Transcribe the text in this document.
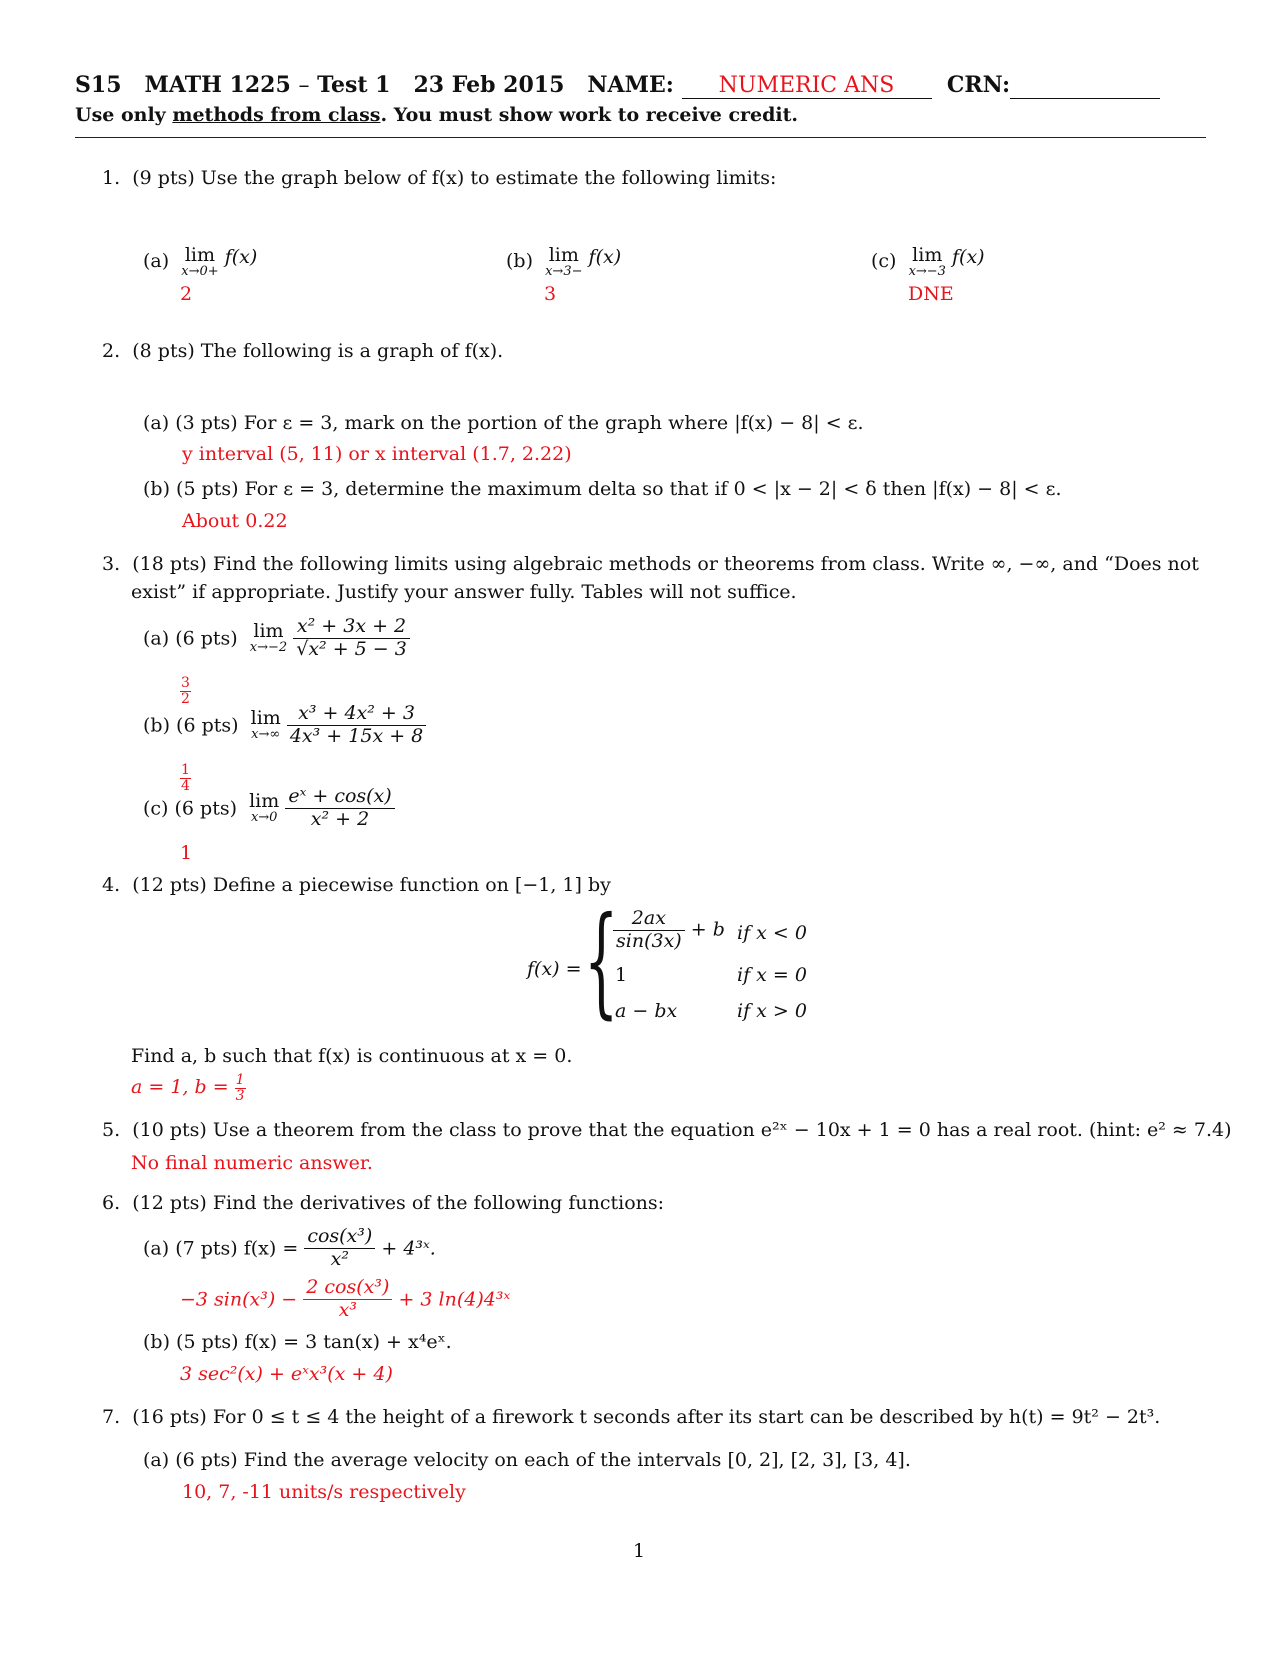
S15 MATH 1225 – Test 1 23 Feb 2015 NAME: NUMERIC ANS CRN:
Use only methods from class. You must show work to receive credit.
1. (9 pts) Use the graph below of f(x) to estimate the following limits:
(a) lim
x→0+
f(x)
2
(b) lim
x→3−
f(x)
3
(c) lim
x→−3
f(x)
DNE
2. (8 pts) The following is a graph of f(x).
(a) (3 pts) For ε = 3, mark on the portion of the graph where |f(x) − 8| < ε.
y interval (5, 11) or x interval (1.7, 2.22)
(b) (5 pts) For ε = 3, determine the maximum delta so that if 0 < |x − 2| < δ then |f(x) − 8| < ε.
About 0.22
3. (18 pts) Find the following limits using algebraic methods or theorems from class. Write ∞, −∞, and “Does not
exist” if appropriate. Justify your answer fully. Tables will not suffice.
(a) (6 pts) lim
x→−2
$\frac{\text{x² + 3x + 2}}{\text{√x² + 5 − 3}}$
$\frac{3}{2}$
(b) (6 pts) lim
x→∞
$\frac{\text{x³ + 4x² + 3}}{\text{4x³ + 15x + 8}}$
$\frac{1}{4}$
(c) (6 pts) lim
x→0
$\frac{\text{eˣ + cos(x)}}{\text{x² + 2}}$
1
4. (12 pts) Define a piecewise function on [−1, 1] by
f(x) = {
$\frac{2ax}{\sin(3x)} + b$ if x < 0
1	if x = 0
a − bx	if x > 0
Find a, b such that f(x) is continuous at x = 0.
a = 1, $b = \frac{1}{3}$
5. (10 pts) Use a theorem from the class to prove that the equation e²ˣ − 10x + 1 = 0 has a real root. (hint: e² ≈ 7.4)
No final numeric answer.
6. (12 pts) Find the derivatives of the following functions:
(a) (7 pts) $f(x) = \frac{\text{cos(x³)}}{\text{x²}}$ + 4³ˣ.
−3 $\sin(x^3) - \frac{\text{2 cos(x³)}}{\text{x³}} + 3$ ln(4)4³ˣ
(b) (5 pts) f(x) = 3 tan(x) + x⁴eˣ.
3 sec²(x) + eˣx³(x + 4)
7. (16 pts) For 0 ≤ t ≤ 4 the height of a firework t seconds after its start can be described by h(t) = 9t² − 2t³.
(a) (6 pts) Find the average velocity on each of the intervals [0, 2], [2, 3], [3, 4].
10, 7, -11 units/s respectively
1
